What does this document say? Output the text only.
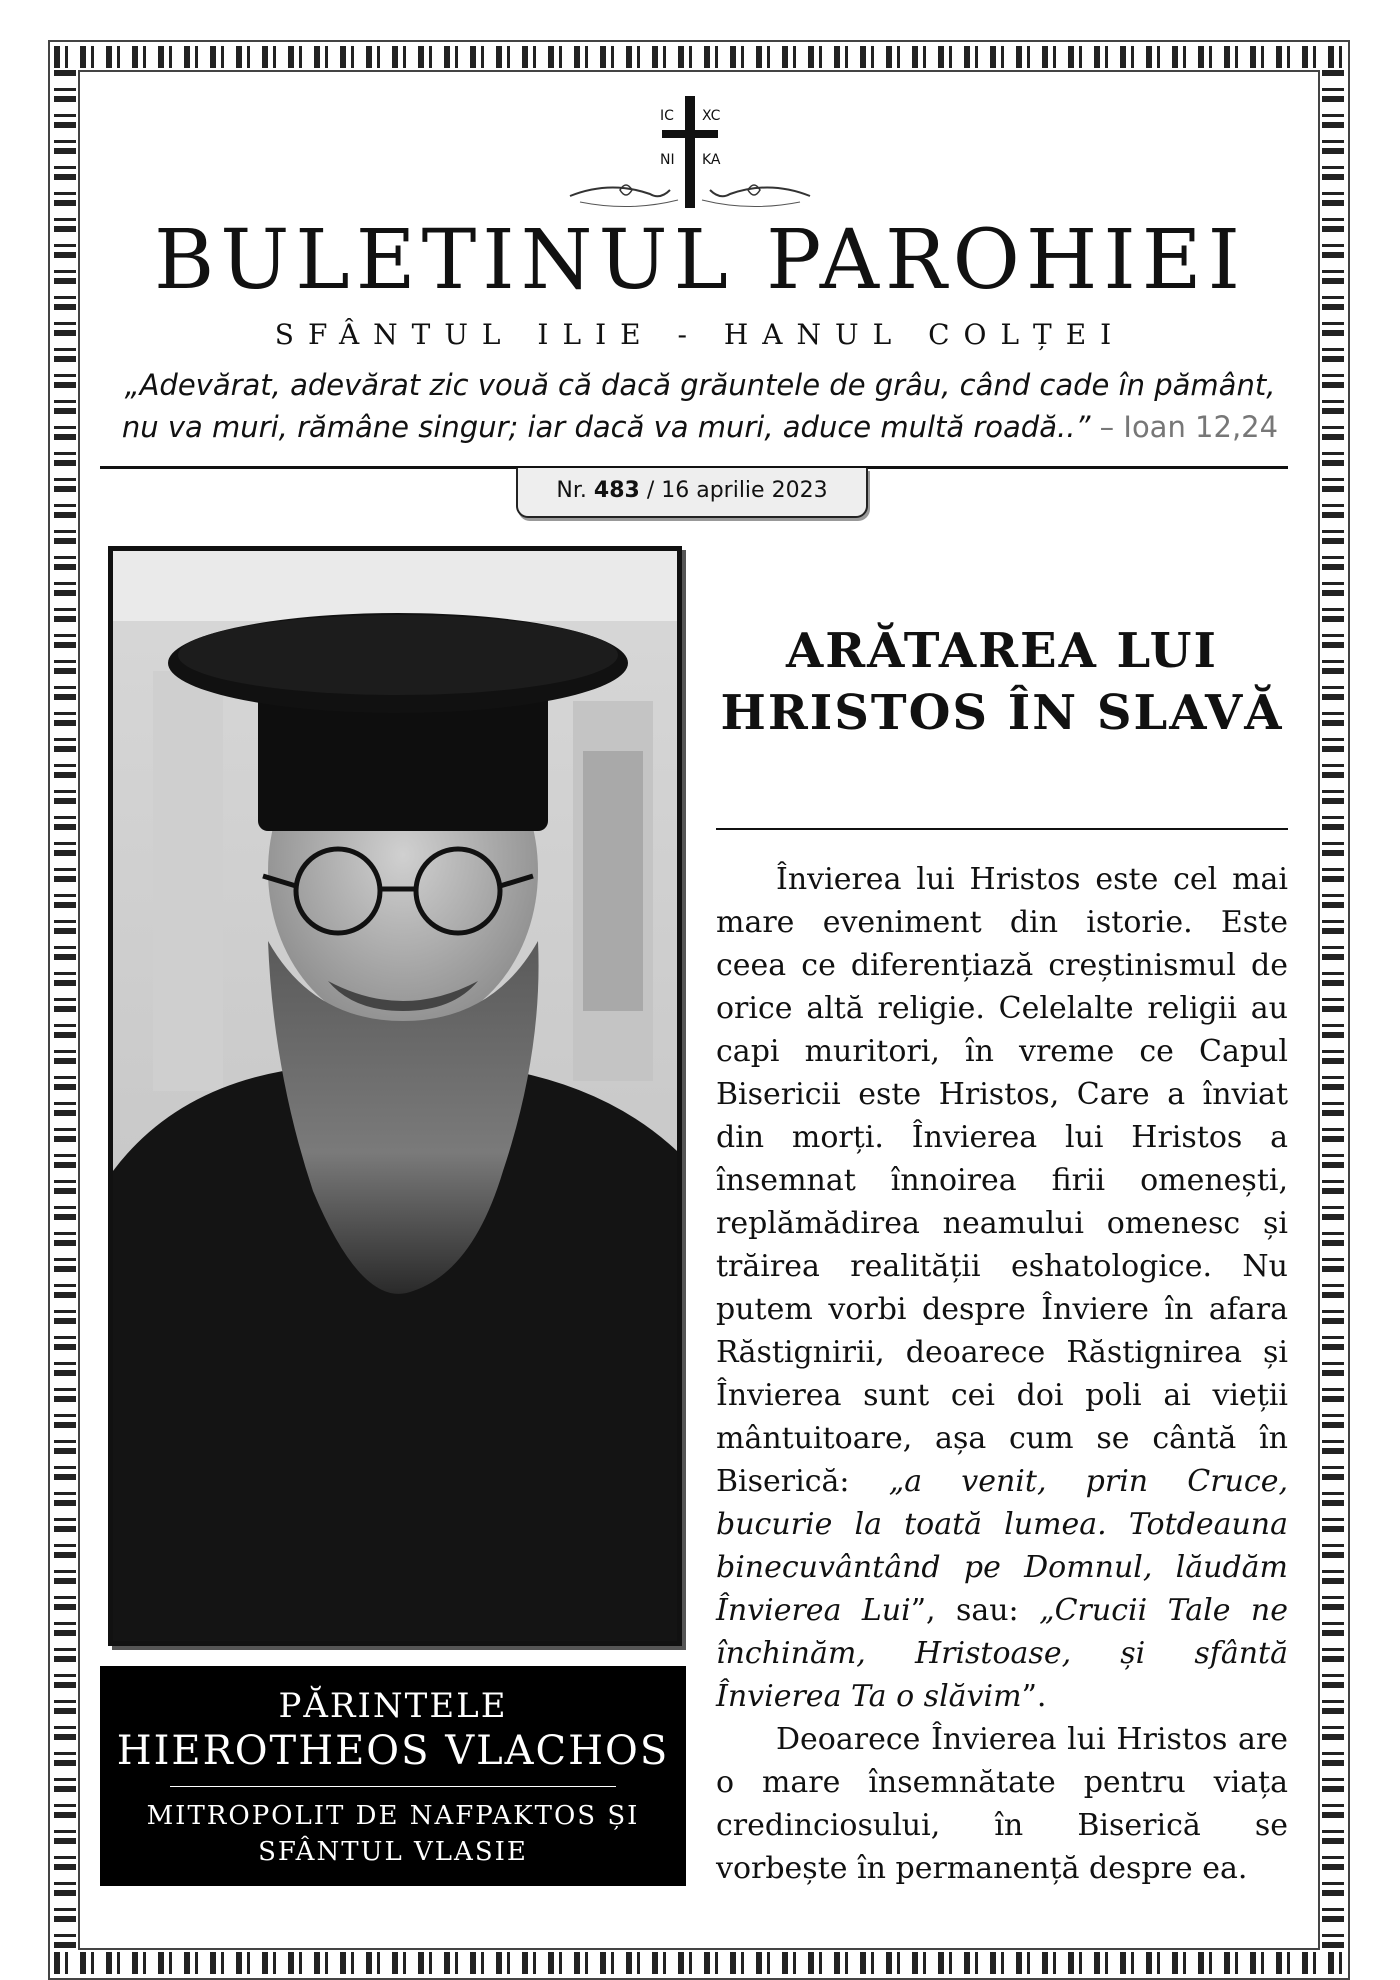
IC XC
NI KA
BULETINUL PAROHIEI

SFÂNTUL ILIE - HANUL COLȚEI

„Adevărat, adevărat zic vouă că dacă grăuntele de grâu, când cade în pământ, nu va muri, rămâne singur; iar dacă va muri, aduce multă roadă..” – Ioan 12,24

Nr. 483 / 16 aprilie 2023
PĂRINTELE
HIEROTHEOS VLACHOS
MITROPOLIT DE NAFPAKTOS ȘI
SFÂNTUL VLASIE
ARĂTAREA LUI
HRISTOS ÎN SLAVĂ

Învierea lui Hristos este cel mai mare eveniment din istorie. Este ceea ce diferențiază creștinismul de orice altă religie. Celelalte religii au capi muritori, în vreme ce Capul Bisericii este Hristos, Care a înviat din morți. Învierea lui Hristos a însemnat înnoirea firii omenești, replămădirea neamului omenesc și trăirea realității eshatologice. Nu putem vorbi despre Înviere în afara Răstignirii, deoarece Răstignirea și Învierea sunt cei doi poli ai vieții mântuitoare, așa cum se cântă în Biserică: „a venit, prin Cruce, bucurie la toată lumea. Totdeauna binecuvântând pe Domnul, lăudăm Învierea Lui”, sau: „Crucii Tale ne închinăm, Hristoase, și sfântă Învierea Ta o slăvim”.

Deoarece Învierea lui Hristos are o mare însemnătate pentru viața credinciosului, în Biserică se vorbește în permanență despre ea.
